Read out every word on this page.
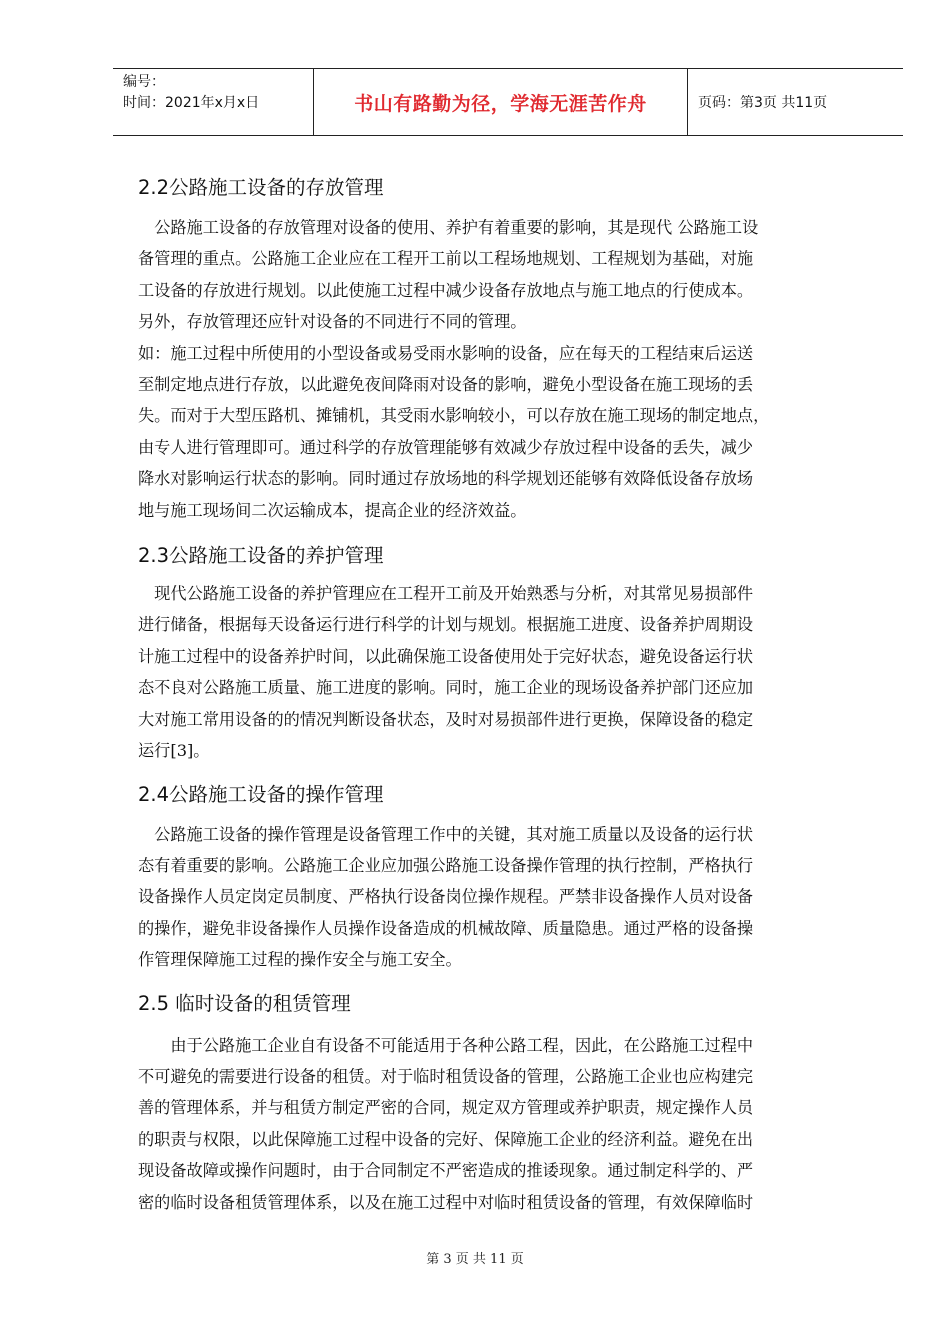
编号：
时间：2021年x月x日	书山有路勤为径，学海无涯苦作舟	页码：第3页 共11页
2.2公路施工设备的存放管理
　公路施工设备的存放管理对设备的使用、养护有着重要的影响，其是现代 公路施工设
备管理的重点。公路施工企业应在工程开工前以工程场地规划、工程规划为基础，对施
工设备的存放进行规划。以此使施工过程中减少设备存放地点与施工地点的行使成本。
另外，存放管理还应针对设备的不同进行不同的管理。
如：施工过程中所使用的小型设备或易受雨水影响的设备，应在每天的工程结束后运送
至制定地点进行存放，以此避免夜间降雨对设备的影响，避免小型设备在施工现场的丢
失。而对于大型压路机、摊铺机，其受雨水影响较小，可以存放在施工现场的制定地点，
由专人进行管理即可。通过科学的存放管理能够有效减少存放过程中设备的丢失，减少
降水对影响运行状态的影响。同时通过存放场地的科学规划还能够有效降低设备存放场
地与施工现场间二次运输成本，提高企业的经济效益。
2.3公路施工设备的养护管理
　现代公路施工设备的养护管理应在工程开工前及开始熟悉与分析，对其常见易损部件
进行储备，根据每天设备运行进行科学的计划与规划。根据施工进度、设备养护周期设
计施工过程中的设备养护时间，以此确保施工设备使用处于完好状态，避免设备运行状
态不良对公路施工质量、施工进度的影响。同时，施工企业的现场设备养护部门还应加
大对施工常用设备的的情况判断设备状态，及时对易损部件进行更换，保障设备的稳定
运行[3]。
2.4公路施工设备的操作管理
　公路施工设备的操作管理是设备管理工作中的关键，其对施工质量以及设备的运行状
态有着重要的影响。公路施工企业应加强公路施工设备操作管理的执行控制，严格执行
设备操作人员定岗定员制度、严格执行设备岗位操作规程。严禁非设备操作人员对设备
的操作，避免非设备操作人员操作设备造成的机械故障、质量隐患。通过严格的设备操
作管理保障施工过程的操作安全与施工安全。
2.5 临时设备的租赁管理
　　由于公路施工企业自有设备不可能适用于各种公路工程，因此，在公路施工过程中
不可避免的需要进行设备的租赁。对于临时租赁设备的管理，公路施工企业也应构建完
善的管理体系，并与租赁方制定严密的合同，规定双方管理或养护职责，规定操作人员
的职责与权限，以此保障施工过程中设备的完好、保障施工企业的经济利益。避免在出
现设备故障或操作问题时，由于合同制定不严密造成的推诿现象。通过制定科学的、严
密的临时设备租赁管理体系，以及在施工过程中对临时租赁设备的管理，有效保障临时
第 3 页 共 11 页
